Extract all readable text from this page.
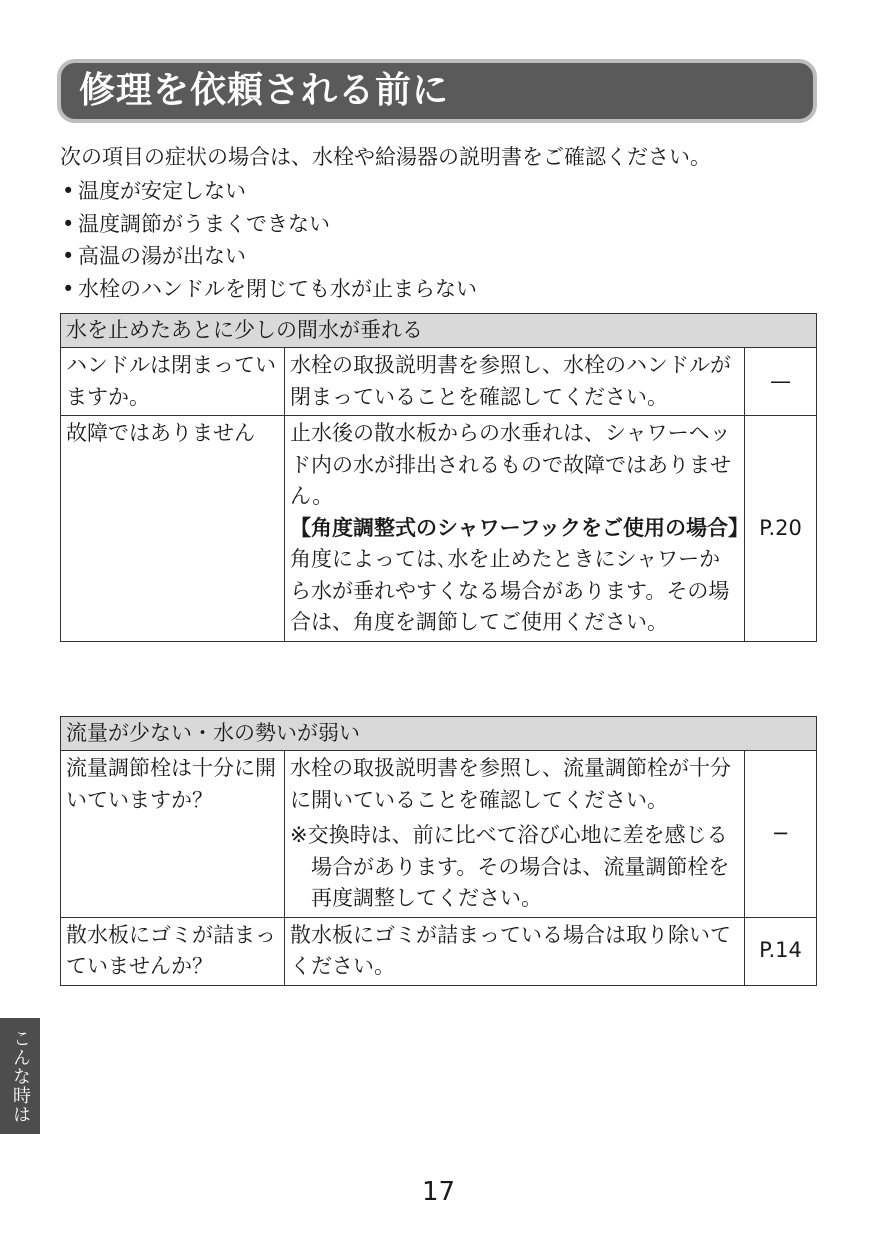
修理を依頼される前に

次の項目の症状の場合は、水栓や給湯器の説明書をご確認ください。

• 温度が安定しない
• 温度調節がうまくできない
• 高温の湯が出ない
• 水栓のハンドルを閉じても水が止まらない
水を止めたあとに少しの間水が垂れる		
ハンドルは閉まっていますか。	水栓の取扱説明書を参照し、水栓のハンドルが閉まっていることを確認してください。	—
故障ではありません	止水後の散水板からの水垂れは、シャワーヘッド内の水が排出されるもので故障ではありません。
【角度調整式のシャワーフックをご使用の場合】
角度によっては､水を止めたときにシャワーから水が垂れやすくなる場合があります。その場合は、角度を調節してご使用ください。	P.20
流量が少ない・水の勢いが弱い		
流量調節栓は十分に開いていますか？	水栓の取扱説明書を参照し、流量調節栓が十分に開いていることを確認してください。
※交換時は、前に比べて浴び心地に差を感じる場合があります。その場合は、流量調節栓を再度調整してください。	−
散水板にゴミが詰まっていませんか？	散水板にゴミが詰まっている場合は取り除いてください。	P.14
こんな時は
17
